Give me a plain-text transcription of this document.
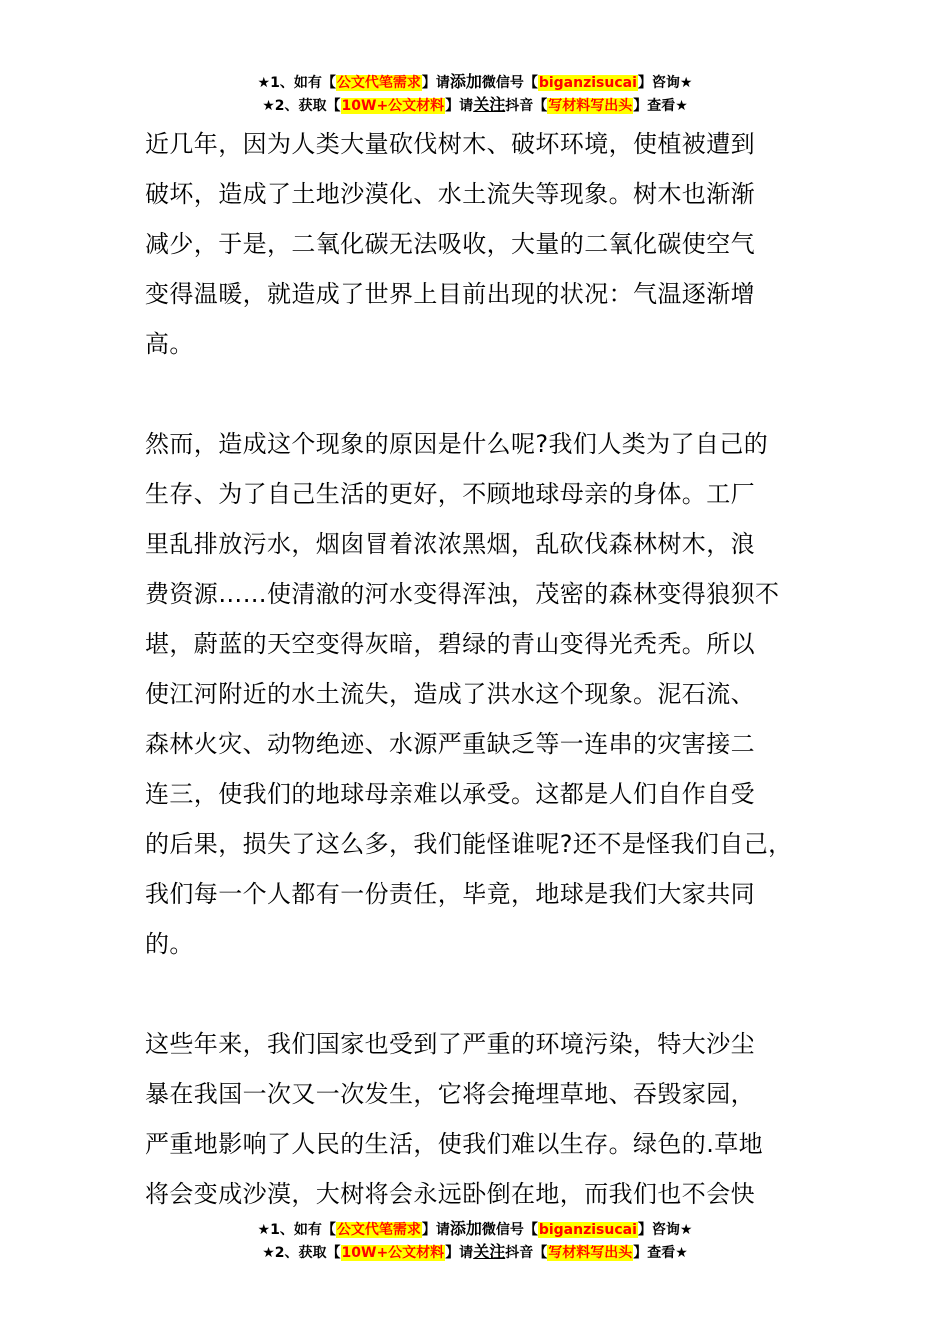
★1、如有【公文代笔需求】请添加微信号【biganzisucai】咨询★
★2、获取【10W+公文材料】请关注抖音【写材料写出头】查看★

近几年，因为人类大量砍伐树木、破坏环境，使植被遭到
破坏，造成了土地沙漠化、水土流失等现象。树木也渐渐
减少，于是，二氧化碳无法吸收，大量的二氧化碳使空气
变得温暖，就造成了世界上目前出现的状况：气温逐渐增
高。

然而，造成这个现象的原因是什么呢?我们人类为了自己的
生存、为了自己生活的更好，不顾地球母亲的身体。工厂
里乱排放污水，烟囱冒着浓浓黑烟，乱砍伐森林树木，浪
费资源……使清澈的河水变得浑浊，茂密的森林变得狼狈不
堪，蔚蓝的天空变得灰暗，碧绿的青山变得光秃秃。所以
使江河附近的水土流失，造成了洪水这个现象。泥石流、
森林火灾、动物绝迹、水源严重缺乏等一连串的灾害接二
连三，使我们的地球母亲难以承受。这都是人们自作自受
的后果，损失了这么多，我们能怪谁呢?还不是怪我们自己，
我们每一个人都有一份责任，毕竟，地球是我们大家共同
的。

这些年来，我们国家也受到了严重的环境污染，特大沙尘
暴在我国一次又一次发生，它将会掩埋草地、吞毁家园，
严重地影响了人民的生活，使我们难以生存。绿色的.草地
将会变成沙漠，大树将会永远卧倒在地，而我们也不会快

★1、如有【公文代笔需求】请添加微信号【biganzisucai】咨询★
★2、获取【10W+公文材料】请关注抖音【写材料写出头】查看★
